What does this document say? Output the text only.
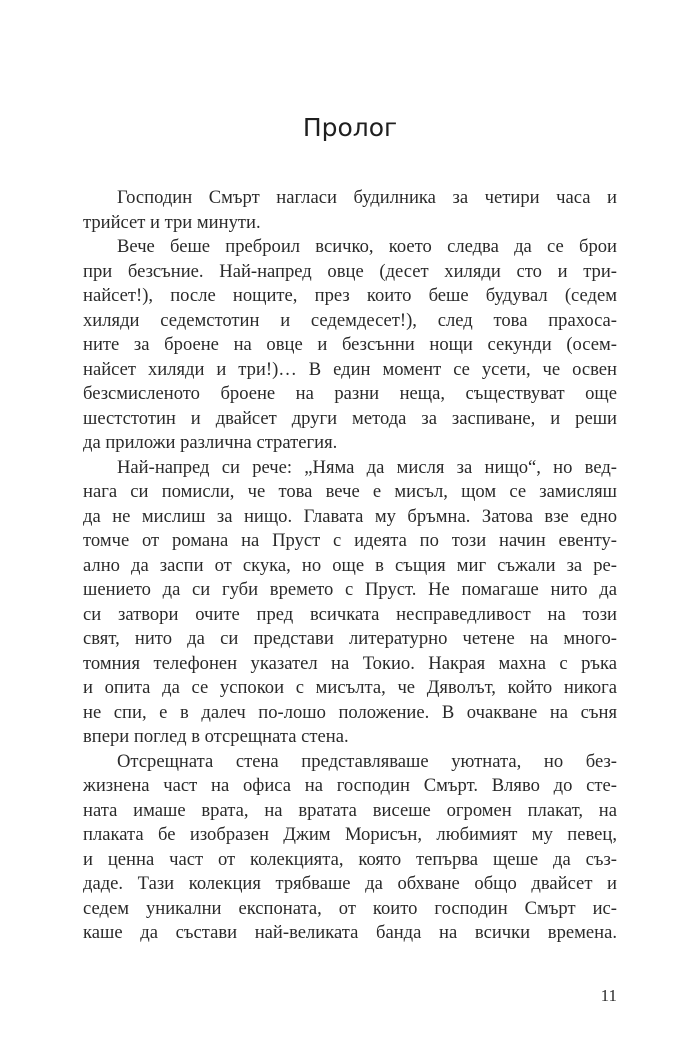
Пролог
Господин Смърт нагласи будилника за четири часа и
трийсет и три минути.
Вече беше преброил всичко, което следва да се брои
при безсъние. Най-напред овце (десет хиляди сто и три-
найсет!), после нощите, през които беше будувал (седем
хиляди седемстотин и седемдесет!), след това прахоса-
ните за броене на овце и безсънни нощи секунди (осем-
найсет хиляди и три!)… В един момент се усети, че освен
безсмисленото броене на разни неща, съществуват още
шестстотин и двайсет други метода за заспиване, и реши
да приложи различна стратегия.
Най-напред си рече: „Няма да мисля за нищо“, но вед-
нага си помисли, че това вече е мисъл, щом се замисляш
да не мислиш за нищо. Главата му бръмна. Затова взе едно
томче от романа на Пруст с идеята по този начин евенту-
ално да заспи от скука, но още в същия миг съжали за ре-
шението да си губи времето с Пруст. Не помагаше нито да
си затвори очите пред всичката несправедливост на този
свят, нито да си представи литературно четене на много-
томния телефонен указател на Токио. Накрая махна с ръка
и опита да се успокои с мисълта, че Дяволът, който никога
не спи, е в далеч по-лошо положение. В очакване на съня
впери поглед в отсрещната стена.
Отсрещната стена представляваше уютната, но без-
жизнена част на офиса на господин Смърт. Вляво до сте-
ната имаше врата, на вратата висеше огромен плакат, на
плаката бе изобразен Джим Морисън, любимият му певец,
и ценна част от колекцията, която тепърва щеше да съз-
даде. Тази колекция трябваше да обхване общо двайсет и
седем уникални експоната, от които господин Смърт ис-
каше да състави най-великата банда на всички времена.
11
